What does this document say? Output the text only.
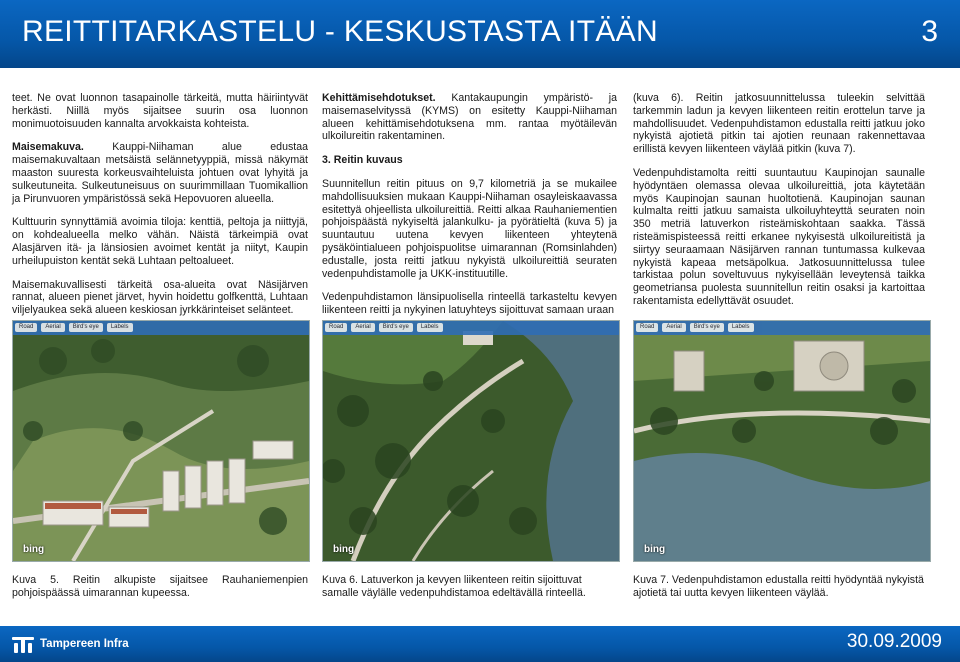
REITTITARKASTELU - KESKUSTASTA ITÄÄN	3

teet. Ne ovat luonnon tasapainolle tärkeitä, mutta häiriintyvät herkästi. Niillä myös sijaitsee suurin osa luonnon monimuotoisuuden kannalta arvokkaista kohteista.

Maisemakuva. Kauppi-Niihaman alue edustaa maisemakuvaltaan metsäistä selännetyyppiä, missä näkymät maaston suuresta korkeusvaihteluista johtuen ovat lyhyitä ja sulkeutuneita. Sulkeutuneisuus on suurimmillaan Tuomikallion ja Pirunvuoren ympäristössä sekä Hepovuoren alueella.

Kulttuurin synnyttämiä avoimia tiloja: kenttiä, peltoja ja niittyjä, on kohdealueella melko vähän. Näistä tärkeimpiä ovat Alasjärven itä- ja länsiosien avoimet kentät ja niityt, Kaupin urheilupuiston kentät sekä Luhtaan peltoalueet.

Maisemakuvallisesti tärkeitä osa-alueita ovat Näsijärven rannat, alueen pienet järvet, hyvin hoidettu golfkenttä, Luhtaan viljelyaukea sekä alueen keskiosan jyrkkärinteiset selänteet.

Kehittämisehdotukset. Kantakaupungin ympäristö- ja maisemaselvityssä (KYMS) on esitetty Kauppi-Niihaman alueen kehittämisehdotuksena mm. rantaa myötäilevän ulkoilureitin rakentaminen.

3. Reitin kuvaus

Suunnitellun reitin pituus on 9,7 kilometriä ja se mukailee mahdollisuuksien mukaan Kauppi-Niihaman osayleiskaavassa esitettyä ohjeellista ulkoilureittiä. Reitti alkaa Rauhaniementien pohjoispäästä nykyiseltä jalankulku- ja pyörätieltä (kuva 5) ja suuntautuu uutena kevyen liikenteen yhteytenä pysäköintialueen pohjoispuolitse uimarannan (Romsinlahden) edustalle, josta reitti jatkuu nykyistä ulkoilureittiä seuraten vedenpuhdistamolle ja UKK-instituutille.

Vedenpuhdistamon länsipuolisella rinteellä tarkasteltu kevyen liikenteen reitti ja nykyinen latuyhteys sijoittuvat samaan uraan

(kuva 6). Reitin jatkosuunnittelussa tuleekin selvittää tarkemmin ladun ja kevyen liikenteen reitin erottelun tarve ja mahdollisuudet. Vedenpuhdistamon edustalla reitti jatkuu joko nykyistä ajotietä pitkin tai ajotien reunaan rakennettavaa erillistä kevyen liikenteen väylää pitkin (kuva 7).

Vedenpuhdistamolta reitti suuntautuu Kaupinojan saunalle hyödyntäen olemassa olevaa ulkoilureittiä, jota käytetään myös Kaupinojan saunan huoltotienä. Kaupinojan saunan kulmalta reitti jatkuu samaista ulkoiluyhteyttä seuraten noin 350 metriä latuverkon risteämiskohtaan saakka. Tässä risteämispisteessä reitti erkanee nykyisestä ulkoilureitistä ja siirtyy seuraamaan Näsijärven rannan tuntumassa kulkevaa nykyistä kapeaa metsäpolkua. Jatkosuunnittelussa tulee tarkistaa polun soveltuvuus nykyisellään leveytensä taikka geometriansa puolesta suunnitellun reitin osaksi ja kartoittaa rakentamista edellyttävät osuudet.

Road Aerial Bird's eye Labels
bing
Road Aerial Bird's eye Labels
bing
Road Aerial Bird's eye Labels
bing
Kuva 5. Reitin alkupiste sijaitsee Rauhaniemenpien pohjoispäässä uimarannan kupeessa.
Kuva 6. Latuverkon ja kevyen liikenteen reitin sijoittuvat samalle väylälle vedenpuhdistamoa edeltävällä rinteellä.
Kuva 7. Vedenpuhdistamon edustalla reitti hyödyntää nykyistä ajotietä tai uutta kevyen liikenteen väylää.
Tampereen Infra	30.09.2009
